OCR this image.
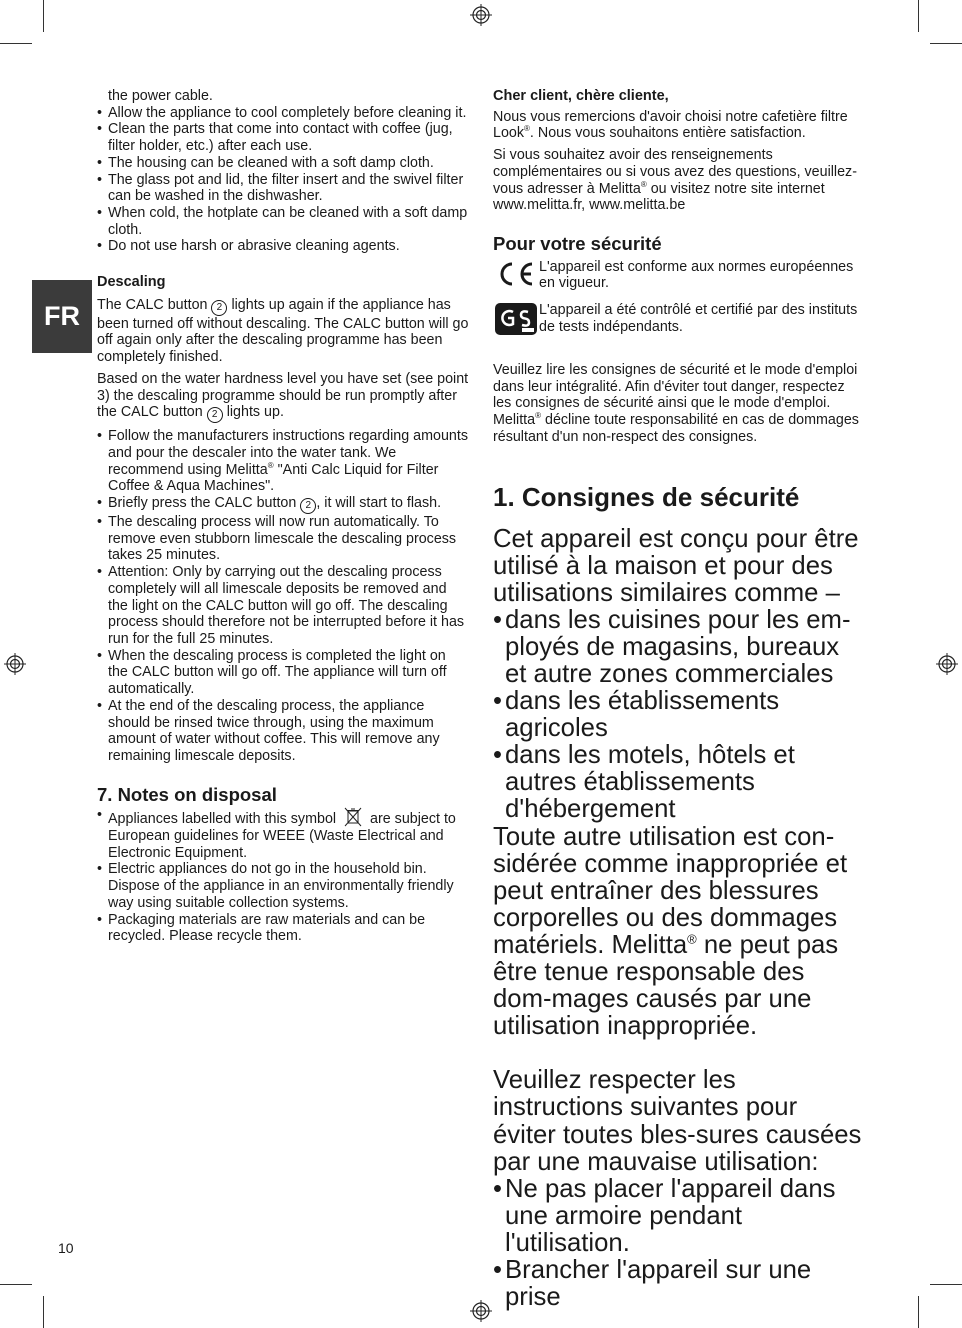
FR

the power cable.

• Allow the appliance to cool completely before cleaning it.
• Clean the parts that come into contact with coffee (jug, filter holder, etc.) after each use.
• The housing can be cleaned with a soft damp cloth.
• The glass pot and lid, the filter insert and the swivel filter can be washed in the dishwasher.
• When cold, the hotplate can be cleaned with a soft damp cloth.
• Do not use harsh or abrasive cleaning agents.
Descaling

The CALC button 2 lights up again if the appliance has been turned off without descaling. The CALC button will go off again only after the descaling programme has been completely finished.

Based on the water hardness level you have set (see point 3) the descaling programme should be run promptly after the CALC button 2 lights up.

• Follow the manufacturers instructions regarding amounts and pour the descaler into the water tank. We recommend using Melitta® "Anti Calc Liquid for Filter Coffee & Aqua Machines".
• Briefly press the CALC button 2 , it will start to flash.
• The descaling process will now run automatically. To remove even stubborn limescale the descaling process takes 25 minutes.
• Attention: Only by carrying out the descaling process completely will all limescale deposits be removed and the light on the CALC button will go off. The descaling process should therefore not be interrupted before it has run for the full 25 minutes.
• When the descaling process is completed the light on the CALC button will go off. The appliance will turn off automatically.
• At the end of the descaling process, the appliance should be rinsed twice through, using the maximum amount of water without coffee. This will remove any remaining limescale deposits.
7. Notes on disposal
• Appliances labelled with this symbol are subject to European guidelines for WEEE (Waste Electrical and Electronic Equipment.
• Electric appliances do not go in the household bin. Dispose of the appliance in an environmentally friendly way using suitable collection systems.
• Packaging materials are raw materials and can be recycled. Please recycle them.
Cher client, chère cliente,

Nous vous remercions d'avoir choisi notre cafetière filtre Look®. Nous vous souhaitons entière satisfaction.

Si vous souhaitez avoir des renseignements complémentaires ou si vous avez des questions, veuillez-vous adresser à Melitta® ou visitez notre site internet www.melitta.fr, www.melitta.be

Pour votre sécurité
L'appareil est conforme aux normes européennes en vigueur.
L'appareil a été contrôlé et certifié par des instituts de tests indépendants.

Veuillez lire les consignes de sécurité et le mode d'emploi dans leur intégralité. Afin d'éviter tout danger, respectez les consignes de sécurité ainsi que le mode d'emploi. Melitta® décline toute responsabilité en cas de dommages résultant d'un non-respect des consignes.

1. Consignes de sécurité
Cet appareil est conçu pour être utilisé à la maison et pour des utilisations similaires comme –
• dans les cuisines pour les em-ployés de magasins, bureaux et autre zones commerciales
• dans les établissements agricoles
• dans les motels, hôtels et autres établissements d'hébergement
Toute autre utilisation est con-sidérée comme inappropriée et peut entraîner des blessures corporelles ou des dommages matériels. Melitta® ne peut pas être tenue responsable des dom-mages causés par une utilisation inappropriée.
Veuillez respecter les instructions suivantes pour éviter toutes bles-sures causées par une mauvaise utilisation:
• Ne pas placer l'appareil dans une armoire pendant l'utilisation.
• Brancher l'appareil sur une prise
10
